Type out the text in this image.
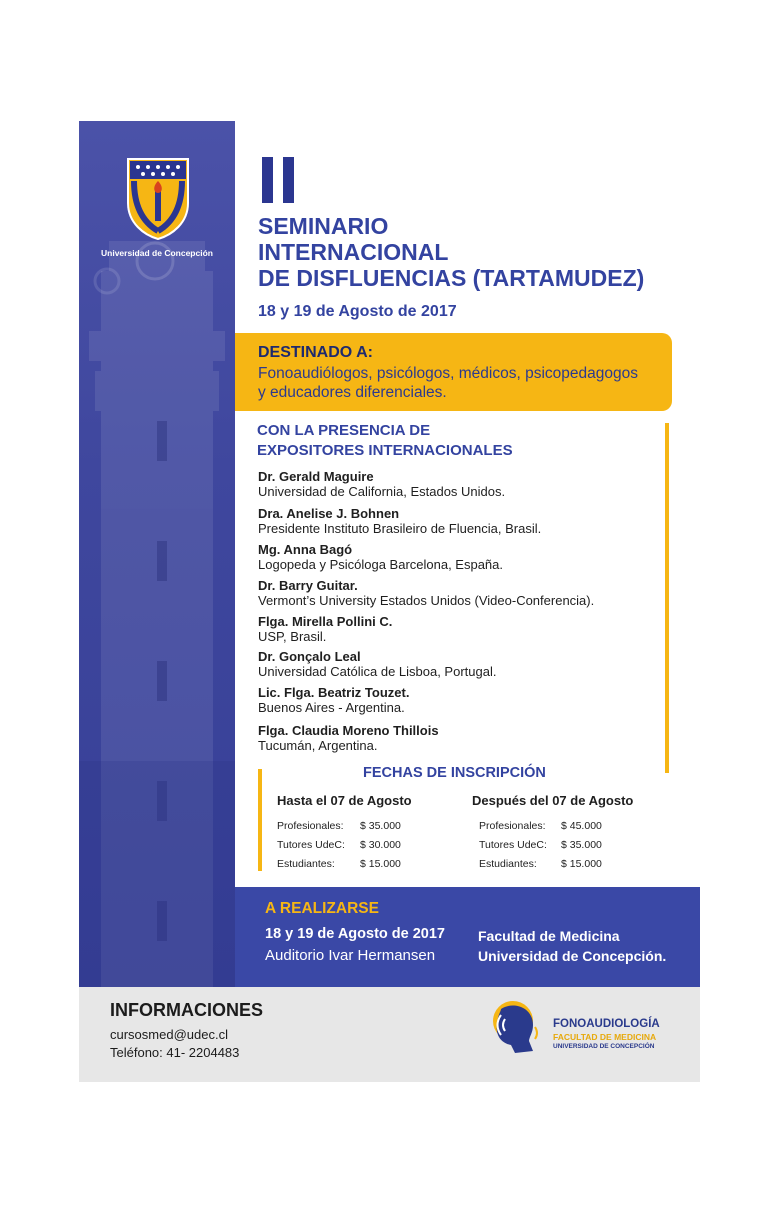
Universidad de Concepción
SEMINARIO
INTERNACIONAL
DE DISFLUENCIAS (TARTAMUDEZ)
18 y 19 de Agosto de 2017
DESTINADO A:
Fonoaudiólogos, psicólogos, médicos, psicopedagogos
y educadores diferenciales.
CON LA PRESENCIA DE
EXPOSITORES INTERNACIONALES
Dr. Gerald Maguire
Universidad de California, Estados Unidos.
Dra. Anelise J. Bohnen
Presidente Instituto Brasileiro de Fluencia, Brasil.
Mg. Anna Bagó
Logopeda y Psicóloga Barcelona, España.
Dr. Barry Guitar.
Vermont’s University Estados Unidos (Video-Conferencia).
Flga. Mirella Pollini C.
USP, Brasil.
Dr. Gonçalo Leal
Universidad Católica de Lisboa, Portugal.
Lic. Flga. Beatriz Touzet.
Buenos Aires - Argentina.
Flga. Claudia Moreno Thillois
Tucumán, Argentina.
FECHAS DE INSCRIPCIÓN
Hasta el 07 de Agosto	Después del 07 de Agosto
Profesionales: $ 35.000
Tutores UdeC: $ 30.000
Estudiantes: $ 15.000
Profesionales: $ 45.000
Tutores UdeC: $ 35.000
Estudiantes: $ 15.000
A REALIZARSE
18 y 19 de Agosto de 2017
Auditorio Ivar Hermansen
Facultad de Medicina
Universidad de Concepción.
INFORMACIONES
cursosmed@udec.cl
Teléfono: 41- 2204483
FONOAUDIOLOGÍA
FACULTAD DE MEDICINA
UNIVERSIDAD DE CONCEPCIÓN
